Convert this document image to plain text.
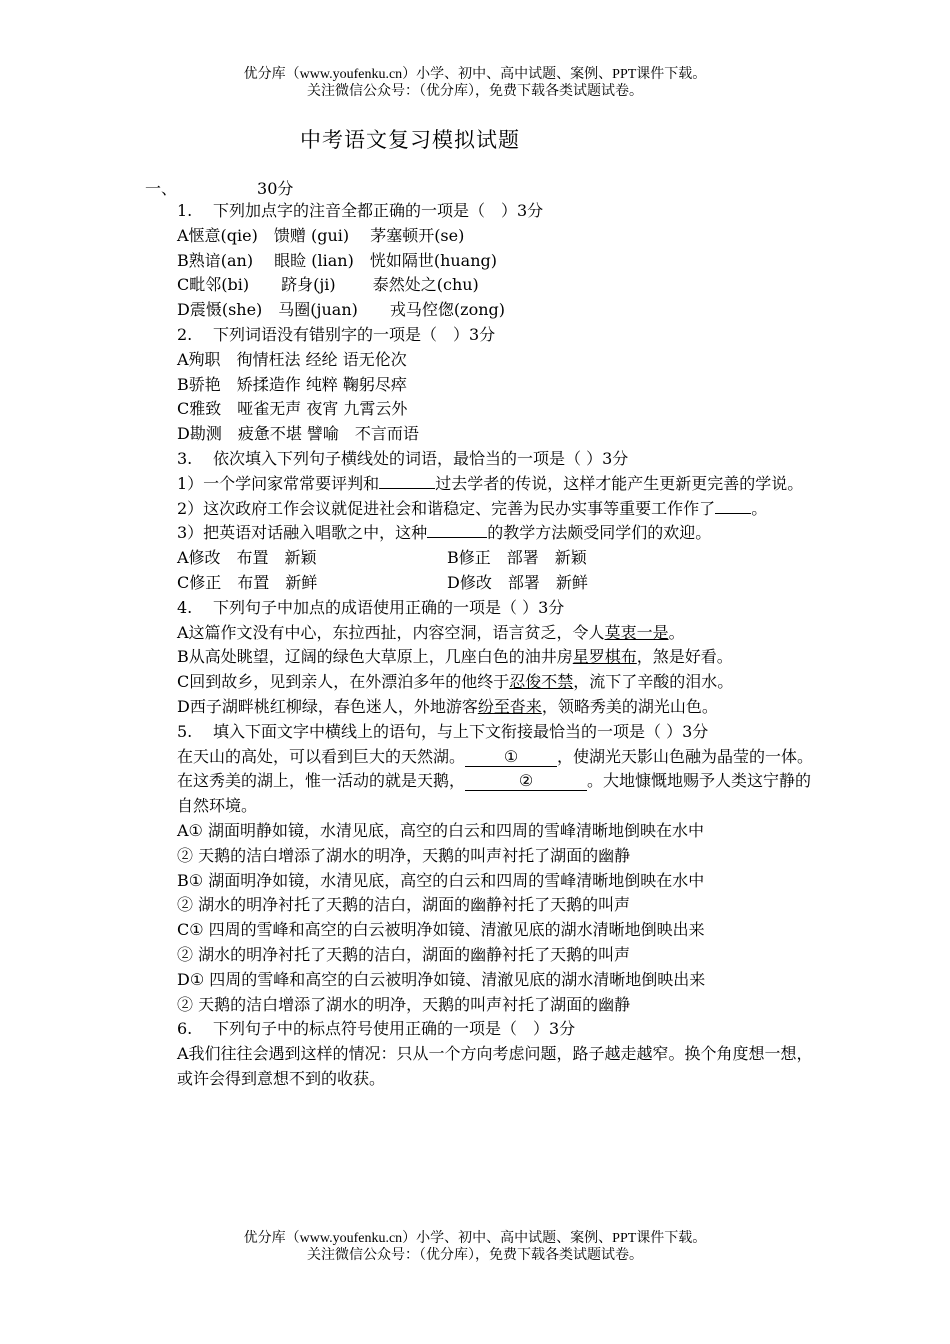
优分库（www.youfenku.cn）小学、初中、高中试题、案例、PPT课件下载。
关注微信公众号：（优分库），免费下载各类试题试卷。
中考语文复习模拟试题
一、	30分
1. 下列加点字的注音全都正确的一项是（　）3分
A惬意(qie)　馈赠 (gui)　 茅塞顿开(se)
B熟谙(an)　 眼睑 (lian)　恍如隔世(huang)
C毗邻(bi)　　跻身(ji)　　 泰然处之(chu)
D震慑(she)　马圈(juan)　　戎马倥偬(zong)
2. 下列词语没有错别字的一项是（　）3分
A殉职　徇情枉法 经纶 语无伦次
B骄艳　矫揉造作 纯粹 鞠躬尽瘁
C雅致　哑雀无声 夜宵 九霄云外
D勘测　疲惫不堪 譬喻　不言而语
3. 依次填入下列句子横线处的词语，最恰当的一项是（ ）3分
1）一个学问家常常要评判和	过去学者的传说，这样才能产生更新更完善的学说。
2）这次政府工作会议就促进社会和谐稳定、完善为民办实事等重要工作作了 。
3）把英语对话融入唱歌之中，这种	的教学方法颇受同学们的欢迎。
A修改　布置　新颖	B修正　部署　新颖
C修正　布置　新鲜	D修改　部署　新鲜
4. 下列句子中加点的成语使用正确的一项是（ ）3分
A这篇作文没有中心，东拉西扯，内容空洞，语言贫乏，令人莫衷一是。
B从高处眺望，辽阔的绿色大草原上，几座白色的油井房星罗棋布，煞是好看。
C回到故乡，见到亲人，在外漂泊多年的他终于忍俊不禁，流下了辛酸的泪水。
D西子湖畔桃红柳绿，春色迷人，外地游客纷至沓来，领略秀美的湖光山色。
5. 填入下面文字中横线上的语句，与上下文衔接最恰当的一项是（ ）3分
在天山的高处，可以看到巨大的天然湖。 ① ，使湖光天影山色融为晶莹的一体。在这秀美的湖上，惟一活动的就是天鹅，	②	。大地慷慨地赐予人类这宁静的自然环境。
A① 湖面明静如镜，水清见底，高空的白云和四周的雪峰清晰地倒映在水中
② 天鹅的洁白增添了湖水的明净，天鹅的叫声衬托了湖面的幽静
B① 湖面明净如镜，水清见底，高空的白云和四周的雪峰清晰地倒映在水中
② 湖水的明净衬托了天鹅的洁白，湖面的幽静衬托了天鹅的叫声
C① 四周的雪峰和高空的白云被明净如镜、清澈见底的湖水清晰地倒映出来
② 湖水的明净衬托了天鹅的洁白，湖面的幽静衬托了天鹅的叫声
D① 四周的雪峰和高空的白云被明净如镜、清澈见底的湖水清晰地倒映出来
② 天鹅的洁白增添了湖水的明净，天鹅的叫声衬托了湖面的幽静
6. 下列句子中的标点符号使用正确的一项是（　）3分
A我们往往会遇到这样的情况：只从一个方向考虑问题，路子越走越窄。换个角度想一想，或许会得到意想不到的收获。
优分库（www.youfenku.cn）小学、初中、高中试题、案例、PPT课件下载。
关注微信公众号：（优分库），免费下载各类试题试卷。
